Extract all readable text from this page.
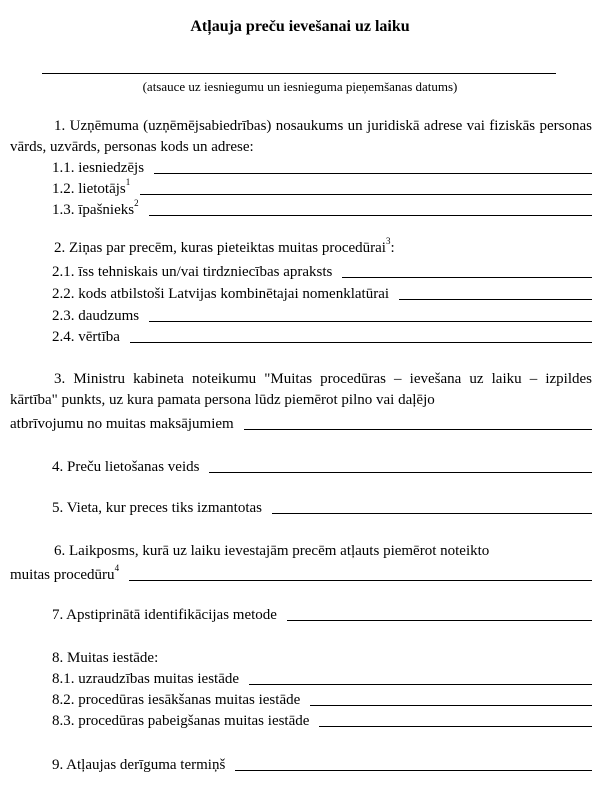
Atļauja preču ievešanai uz laiku
(atsauce uz iesniegumu un iesnieguma pieņemšanas datums)
1. Uzņēmuma (uzņēmējsabiedrības) nosaukums un juridiskā adrese vai fiziskās personas vārds, uzvārds, personas kods un adrese:
1.1. iesniedzējs
1.2. lietotājs$^1$
1.3. īpašnieks$^2$
2. Ziņas par precēm, kuras pieteiktas muitas procedūrai$^3$:
2.1. īss tehniskais un/vai tirdzniecības apraksts
2.2. kods atbilstoši Latvijas kombinētajai nomenklatūrai
2.3. daudzums
2.4. vērtība
3. Ministru kabineta noteikumu "Muitas procedūras – ievešana uz laiku – izpildes kārtība" punkts, uz kura pamata persona lūdz piemērot pilno vai daļējo
atbrīvojumu no muitas maksājumiem
4. Preču lietošanas veids
5. Vieta, kur preces tiks izmantotas
6. Laikposms, kurā uz laiku ievestajām precēm atļauts piemērot noteikto
muitas procedūru$^4$
7. Apstiprinātā identifikācijas metode
8. Muitas iestāde:
8.1. uzraudzības muitas iestāde
8.2. procedūras iesākšanas muitas iestāde
8.3. procedūras pabeigšanas muitas iestāde
9. Atļaujas derīguma termiņš
